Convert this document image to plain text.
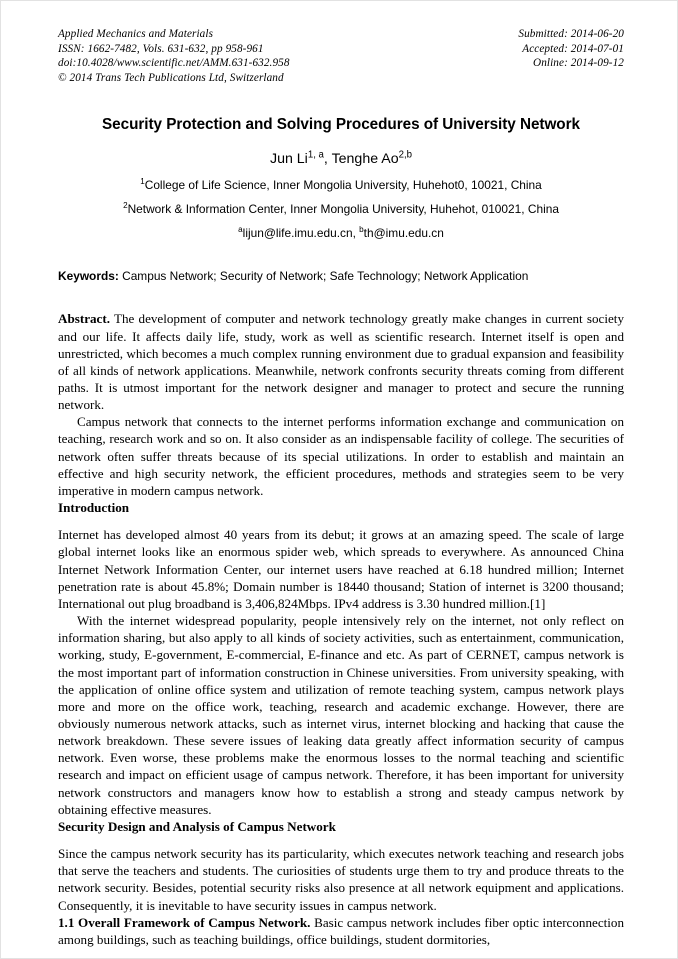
Applied Mechanics and Materials
ISSN: 1662-7482, Vols. 631-632, pp 958-961
doi:10.4028/www.scientific.net/AMM.631-632.958
© 2014 Trans Tech Publications Ltd, Switzerland
Submitted: 2014-06-20
Accepted: 2014-07-01
Online: 2014-09-12
Security Protection and Solving Procedures of University Network
Jun Li$^{1, a}$, Tenghe Ao$^{2,b}$
$^1$College of Life Science, Inner Mongolia University, Huhehot0, 10021, China
$^2$Network & Information Center, Inner Mongolia University, Huhehot, 010021, China
$^a$lijun@life.imu.edu.cn, $^b$th@imu.edu.cn
Keywords: Campus Network; Security of Network; Safe Technology; Network Application

Abstract. The development of computer and network technology greatly make changes in current society and our life. It affects daily life, study, work as well as scientific research. Internet itself is open and unrestricted, which becomes a much complex running environment due to gradual expansion and feasibility of all kinds of network applications. Meanwhile, network confronts security threats coming from different paths. It is utmost important for the network designer and manager to protect and secure the running network.

Campus network that connects to the internet performs information exchange and communication on teaching, research work and so on. It also consider as an indispensable facility of college. The securities of network often suffer threats because of its special utilizations. In order to establish and maintain an effective and high security network, the efficient procedures, methods and strategies seem to be very imperative in modern campus network.

Introduction

Internet has developed almost 40 years from its debut; it grows at an amazing speed. The scale of large global internet looks like an enormous spider web, which spreads to everywhere. As announced China Internet Network Information Center, our internet users have reached at 6.18 hundred million; Internet penetration rate is about 45.8%; Domain number is 18440 thousand; Station of internet is 3200 thousand; International out plug broadband is 3,406,824Mbps. IPv4 address is 3.30 hundred million.[1]

With the internet widespread popularity, people intensively rely on the internet, not only reflect on information sharing, but also apply to all kinds of society activities, such as entertainment, communication, working, study, E-government, E-commercial, E-finance and etc. As part of CERNET, campus network is the most important part of information construction in Chinese universities. From university speaking, with the application of online office system and utilization of remote teaching system, campus network plays more and more on the office work, teaching, research and academic exchange. However, there are obviously numerous network attacks, such as internet virus, internet blocking and hacking that cause the network breakdown. These severe issues of leaking data greatly affect information security of campus network. Even worse, these problems make the enormous losses to the normal teaching and scientific research and impact on efficient usage of campus network. Therefore, it has been important for university network constructors and managers know how to establish a strong and steady campus network by obtaining effective measures.

Security Design and Analysis of Campus Network

Since the campus network security has its particularity, which executes network teaching and research jobs that serve the teachers and students. The curiosities of students urge them to try and produce threats to the network security. Besides, potential security risks also presence at all network equipment and applications. Consequently, it is inevitable to have security issues in campus network.

1.1 Overall Framework of Campus Network. Basic campus network includes fiber optic interconnection among buildings, such as teaching buildings, office buildings, student dormitories,
